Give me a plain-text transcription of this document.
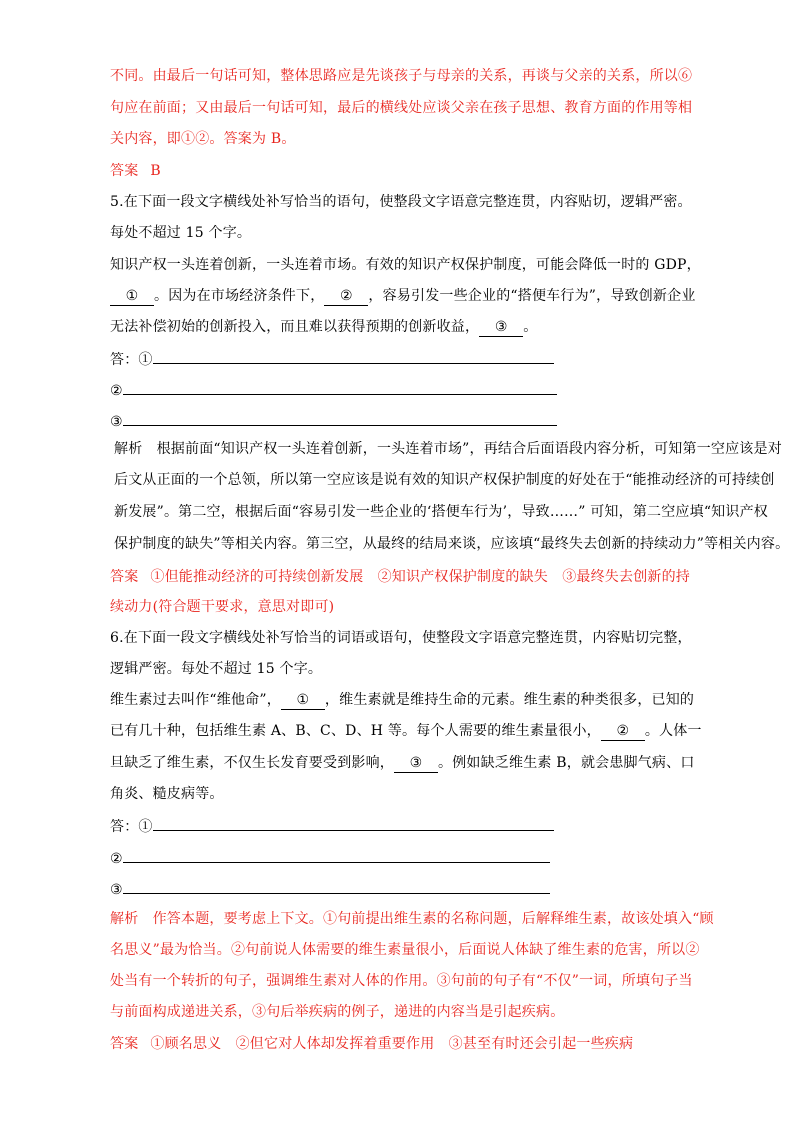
不同。由最后一句话可知，整体思路应是先谈孩子与母亲的关系，再谈与父亲的关系，所以⑥
句应在前面；又由最后一句话可知，最后的横线处应谈父亲在孩子思想、教育方面的作用等相
关内容，即①②。答案为 B。
答案 B
5.在下面一段文字横线处补写恰当的语句，使整段文字语意完整连贯，内容贴切，逻辑严密。
每处不超过 15 个字。
知识产权一头连着创新，一头连着市场。有效的知识产权保护制度，可能会降低一时的 GDP，
① 。因为在市场经济条件下， ② ，容易引发一些企业的“搭便车行为”，导致创新企业
无法补偿初始的创新投入，而且难以获得预期的创新收益， ③ 。
答：①
②
③
解析　根据前面“知识产权一头连着创新，一头连着市场”，再结合后面语段内容分析，可知第一空应该是对
后文从正面的一个总领，所以第一空应该是说有效的知识产权保护制度的好处在于“能推动经济的可持续创
新发展”。第二空，根据后面“容易引发一些企业的‘搭便车行为’，导致……” 可知，第二空应填“知识产权
保护制度的缺失”等相关内容。第三空，从最终的结局来谈，应该填“最终失去创新的持续动力”等相关内容。
答案 ①但能推动经济的可持续创新发展　②知识产权保护制度的缺失　③最终失去创新的持
续动力(符合题干要求，意思对即可)
6.在下面一段文字横线处补写恰当的词语或语句，使整段文字语意完整连贯，内容贴切完整，
逻辑严密。每处不超过 15 个字。
维生素过去叫作“维他命”， ① ，维生素就是维持生命的元素。维生素的种类很多，已知的
已有几十种，包括维生素 A、B、C、D、H 等。每个人需要的维生素量很小， ② 。人体一
旦缺乏了维生素，不仅生长发育要受到影响， ③ 。例如缺乏维生素 B，就会患脚气病、口
角炎、糙皮病等。
答：①
②
③
解析　作答本题，要考虑上下文。①句前提出维生素的名称问题，后解释维生素，故该处填入“顾
名思义”最为恰当。②句前说人体需要的维生素量很小，后面说人体缺了维生素的危害，所以②
处当有一个转折的句子，强调维生素对人体的作用。③句前的句子有“不仅”一词，所填句子当
与前面构成递进关系，③句后举疾病的例子，递进的内容当是引起疾病。
答案 ①顾名思义　②但它对人体却发挥着重要作用　③甚至有时还会引起一些疾病
